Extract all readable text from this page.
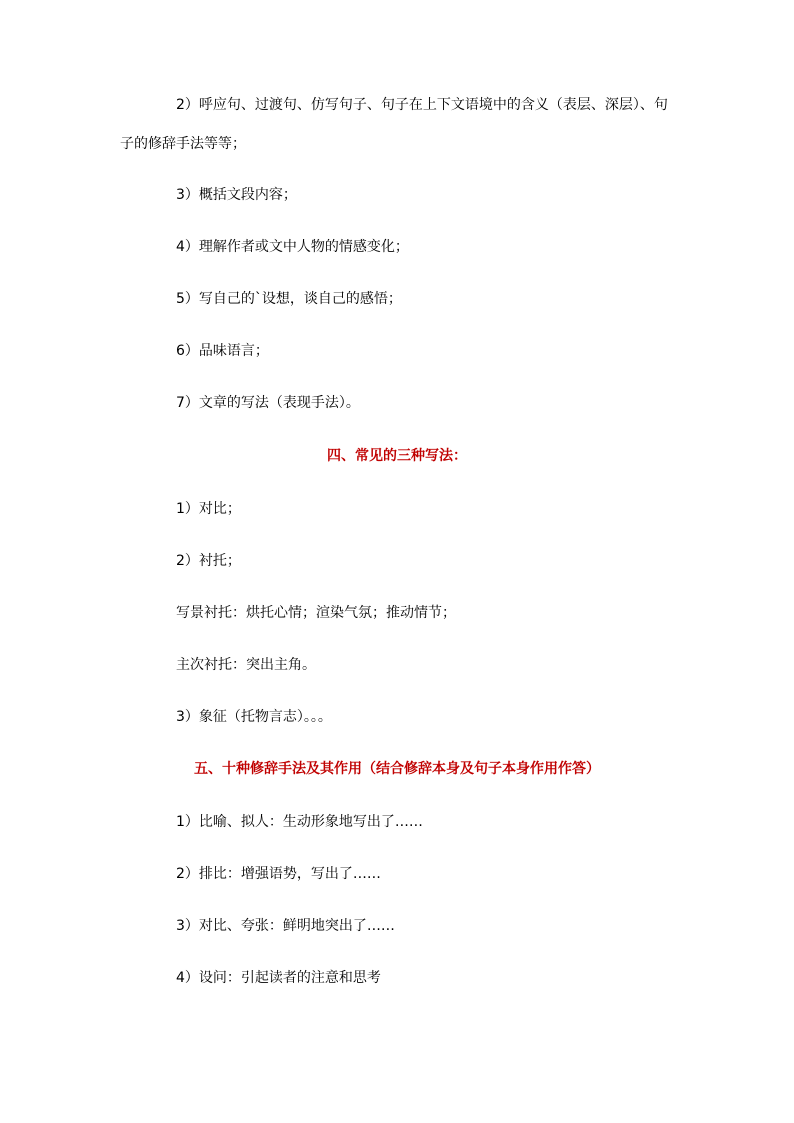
2）呼应句、过渡句、仿写句子、句子在上下文语境中的含义（表层、深层）、句
子的修辞手法等等；
3）概括文段内容；
4）理解作者或文中人物的情感变化；
5）写自己的`设想，谈自己的感悟；
6）品味语言；
7）文章的写法（表现手法）。
四、常见的三种写法：
1）对比；
2）衬托；
写景衬托：烘托心情；渲染气氛；推动情节；
主次衬托：突出主角。
3）象征（托物言志）。。。
五、十种修辞手法及其作用（结合修辞本身及句子本身作用作答）
1）比喻、拟人：生动形象地写出了……
2）排比：增强语势，写出了……
3）对比、夸张：鲜明地突出了……
4）设问：引起读者的注意和思考
